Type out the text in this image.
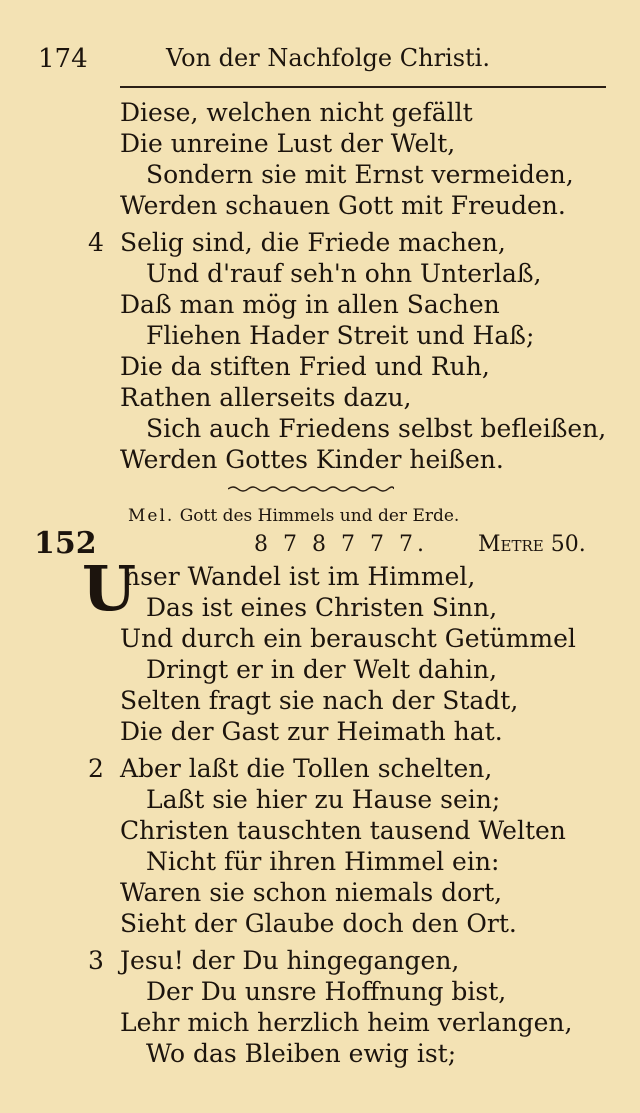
174	Von der Nachfolge Christi.
Diese, welchen nicht gefällt
Die unreine Lust der Welt,
Sondern sie mit Ernst vermeiden,
Werden schauen Gott mit Freuden.
4 Selig sind, die Friede machen,
Und d'rauf seh'n ohn Unterlaß,
Daß man mög in allen Sachen
Fliehen Hader Streit und Haß;
Die da stiften Fried und Ruh,
Rathen allerseits dazu,
Sich auch Friedens selbst befleißen,
Werden Gottes Kinder heißen.
Mel. Gott des Himmels und der Erde.
152	8 7 8 7 7 7. Metre 50.
U
nser Wandel ist im Himmel,
Das ist eines Christen Sinn,
Und durch ein berauscht Getümmel
Dringt er in der Welt dahin,
Selten fragt sie nach der Stadt,
Die der Gast zur Heimath hat.
2 Aber laßt die Tollen schelten,
Laßt sie hier zu Hause sein;
Christen tauschten tausend Welten
Nicht für ihren Himmel ein:
Waren sie schon niemals dort,
Sieht der Glaube doch den Ort.
3 Jesu! der Du hingegangen,
Der Du unsre Hoffnung bist,
Lehr mich herzlich heim verlangen,
Wo das Bleiben ewig ist;
